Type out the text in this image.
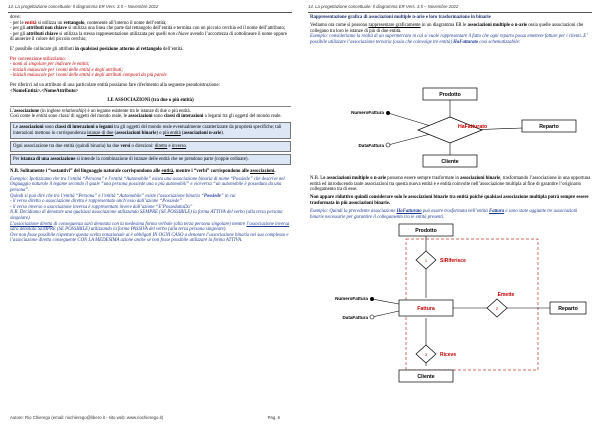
14. La progettazione concettuale: Il diagramma ER Vers. 3.5 – Novembre 2022

dove:

- per le entità si utilizza un rettangolo, contenente all’interno il nome dell’entità;

- per gli attributi non chiave si utilizza una linea che parte dal rettangolo dell’entità e termina con un piccolo cerchio ed il nome dell’attributo;

- per gli attributi chiave si utilizza la stessa rappresentazione utilizzata per quelli non chiave avendo l’accortezza di sottolineare il nome oppure di annerire il colore del piccolo cerchio;

E’ possibile collocare gli attributi in qualsiasi posizione attorno al rettangolo dell’entità.

Per convenzione utilizziamo:

- nomi al singolare per indicare le entità;

- iniziali maiuscole per i nomi delle entità e degli attributi;

- iniziali maiuscole per i nomi delle entità e degli attributi composti da più parole

Per riferirci ad un attributo di una particolare entità possiamo fare riferimento alla seguente pseudoistruzione:

<NomeEntità>.<NomeAttributo>

LE ASSOCIAZIONI (tra due o più entità)

L’associazione (in inglese relationship) è un legame esistente tra le istanze di due o più entità.

Così come le entità sono classi di oggetti del mondo reale, le associazioni sono classi di interazioni o legami tra gli oggetti del mondo reale.

Le associazioni sono classi di interazioni o legami tra gli oggetti del mondo reale eventualmente caratterizzate da proprietà specifiche; tali interazioni mettono in corrispondenza istanze di due (associazioni binarie) o più entità (associazioni n-arie).

Ogni associazione tra due entità (quindi binaria) ha due versi o direzioni: diretto e inverso.

Per istanza di una associazione si intende la combinazione di istanze delle entità che ne prendono parte (coppie ordinate).

N.B. Solitamente i “sostantivi” del linguaggio naturale corrispondono alle entità, mentre i “verbi” corrispondono alle associazioni.

Esempio: Ipotizziamo che tra l’entità “Persona” e l’entità “Automobile” esista una associazione binaria di nome “Possiede” che descrive nel linguaggio naturale il legame secondo il quale “una persona possiede una o più automobili” e viceversa “un automobile è posseduta da una persona”.

Quindi si può dire che tra l’entità “Persona” e l’entità “Automobile” esiste l’associazione binaria “Possiede” in cui

- il verso diretto o associazione diretta è rappresentato anch’esso dall’azione “Possiede”

- il verso inverso o associazione inversa è rappresentato invece dall’azione “E’PosseduttaDa”

N.B. Decidiamo di denotare una qualsiasi associazione utilizzando SEMPRE (SE POSSIBILE) la forma ATTIVA del verbo (alla terza persona singolare).

L’associazione diretta di conseguenza sarà denotata con la medesima forma verbale (alla terza persona singolare) mentre l’associazione inversa sarà denotata SEMPRE (SE POSSIBILE) utilizzando la forma PASSIVA del verbo (alla terza persona singolare).

Ove non fosse possibile rispettare questa scelta notazionale ai è obbligati IN OGNI CASO a denotare l’associazione binaria nei suo complesso e l’associazione diretta conseguente CON LA MEDESIMA azione anche se non fosse possibile utilizzare la forma ATTIVA.

Autore: Rio Chierego (email: riochierego@libero.it - sito web: www.riochierego.it)	Pag. 6
14. La progettazione concettuale: Il diagramma ER Vers. 3.5 – Novembre 2022

Rappresentazione grafica di associazioni multiple n-arie e loro trasformazione in binarie

Vediamo ora come si possono rappresentare graficamente in un diagramma ER le associazioni multiple o n-arie ossia quelle associazioni che collegano tra loro le istanze di più di due entità.

Esempio: consideriamo la realtà di un supermercato in cui si vuole rappresentare il fatto che ogni reparto possa emettere fatture per i clienti. E’ possibile utilizzare l’associazione ternaria (ossia che coinvolge tre entità) HaFatturato così schematizzabile:

Prodotto
HaFatturato
NumeroFattura
DataFattura
Reparto
Cliente

N.B. Le associazioni multiple o n-arie possono essere sempre trasformate in associazioni binarie, trasformando l’associazione in una opportuna entità ed introducendo tante associazioni tra questa nuova entità e e entità coinvolte nell’associazione multipla al fine di garantire l’originario collegamento tra di esse.

Non appare riduttivo quindi considerare solo le associazioni binarie tra entità poiché qualsiasi associazione multipla potrà sempre essere trasformata in più associazioni binarie.

Esempio: Quindi la precedente associazione HaFatturato può essere trasformata nell’entità Fattura e sono state aggiunte tre associazioni binarie necessarie per garantire il collegamento tra le entità presenti.

Prodotto
1	SiRiferisce
Fattura
NumeroFattura
DataFattura
2
Emette
Reparto
3	Riceve
Cliente
